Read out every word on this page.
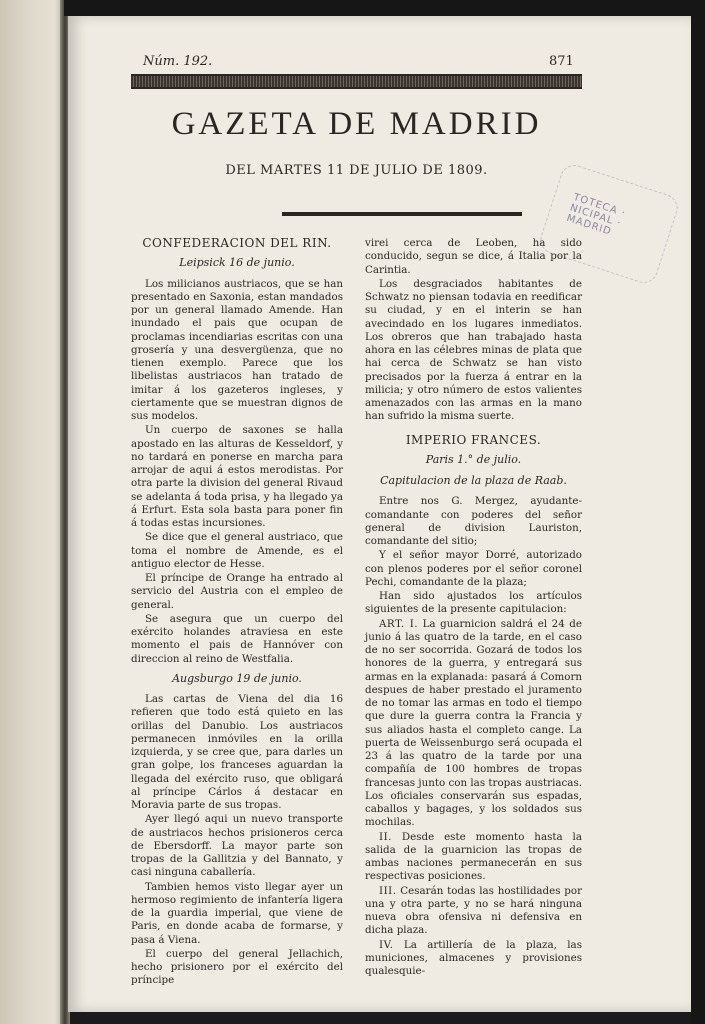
Núm. 192.	871
GAZETA DE MADRID
DEL MARTES 11 DE JULIO DE 1809.
TOTECA · NICIPAL · MADRID
CONFEDERACION DEL RIN.
Leipsick 16 de junio.

Los milicianos austriacos, que se han presentado en Saxonia, estan mandados por un general llamado Amende. Han inundado el pais que ocupan de proclamas incendiarias escritas con una grosería y una desvergüenza, que no tienen exemplo. Parece que los libelistas austriacos han tratado de imitar á los gazeteros ingleses, y ciertamente que se muestran dignos de sus modelos.

Un cuerpo de saxones se halla apostado en las alturas de Kesseldorf, y no tardará en ponerse en marcha para arrojar de aqui á estos merodistas. Por otra parte la division del general Rivaud se adelanta á toda prisa, y ha llegado ya á Erfurt. Esta sola basta para poner fin á todas estas incursiones.

Se dice que el general austriaco, que toma el nombre de Amende, es el antiguo elector de Hesse.

El príncipe de Orange ha entrado al servicio del Austria con el empleo de general.

Se asegura que un cuerpo del exército holandes atraviesa en este momento el pais de Hannóver con direccion al reino de Westfalia.

Augsburgo 19 de junio.

Las cartas de Viena del dia 16 refieren que todo está quieto en las orillas del Danubio. Los austriacos permanecen inmóviles en la orilla izquierda, y se cree que, para darles un gran golpe, los franceses aguardan la llegada del exército ruso, que obligará al príncipe Cárlos á destacar en Moravia parte de sus tropas.

Ayer llegó aqui un nuevo transporte de austriacos hechos prisioneros cerca de Ebersdorff. La mayor parte son tropas de la Gallitzia y del Bannato, y casi ninguna caballería.

Tambien hemos visto llegar ayer un hermoso regimiento de infantería ligera de la guardia imperial, que viene de Paris, en donde acaba de formarse, y pasa á Viena.

El cuerpo del general Jellachich, hecho prisionero por el exército del príncipe

virei cerca de Leoben, ha sido conducido, segun se dice, á Italia por la Carintia.

Los desgraciados habitantes de Schwatz no piensan todavia en reedificar su ciudad, y en el interin se han avecindado en los lugares inmediatos. Los obreros que han trabajado hasta ahora en las célebres minas de plata que hai cerca de Schwatz se han visto precisados por la fuerza á entrar en la milicia; y otro número de estos valientes amenazados con las armas en la mano han sufrido la misma suerte.

IMPERIO FRANCES.
Paris 1.° de julio.
Capitulacion de la plaza de Raab.

Entre nos G. Mergez, ayudante-comandante con poderes del señor general de division Lauriston, comandante del sitio;

Y el señor mayor Dorré, autorizado con plenos poderes por el señor coronel Pechi, comandante de la plaza;

Han sido ajustados los artículos siguientes de la presente capitulacion:

ART. I. La guarnicion saldrá el 24 de junio á las quatro de la tarde, en el caso de no ser socorrida. Gozará de todos los honores de la guerra, y entregará sus armas en la explanada: pasará á Comorn despues de haber prestado el juramento de no tomar las armas en todo el tiempo que dure la guerra contra la Francia y sus aliados hasta el completo cange. La puerta de Weissenburgo será ocupada el 23 á las quatro de la tarde por una compañía de 100 hombres de tropas francesas junto con las tropas austriacas. Los oficiales conservarán sus espadas, caballos y bagages, y los soldados sus mochilas.

II. Desde este momento hasta la salida de la guarnicion las tropas de ambas naciones permanecerán en sus respectivas posiciones.

III. Cesarán todas las hostilidades por una y otra parte, y no se hará ninguna nueva obra ofensiva ni defensiva en dicha plaza.

IV. La artillería de la plaza, las municiones, almacenes y provisiones qualesquie-
